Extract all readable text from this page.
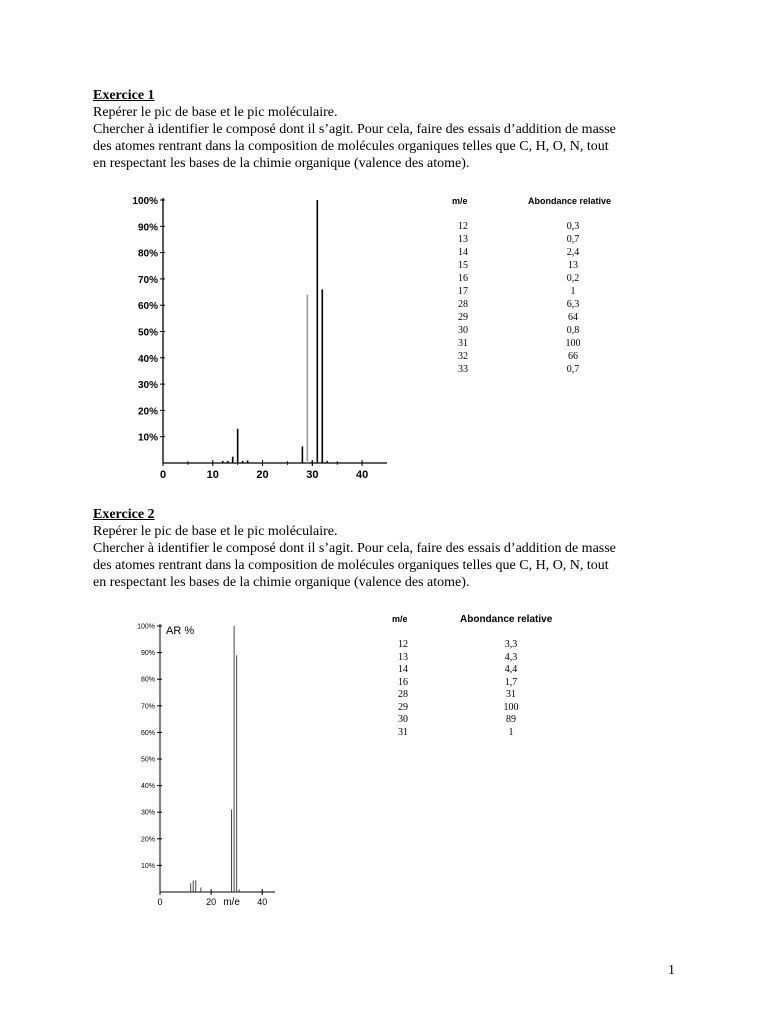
Exercice 1
Repérer le pic de base et le pic moléculaire.
Chercher à identifier le composé dont il s’agit. Pour cela, faire des essais d’addition de masse
des atomes rentrant dans la composition de molécules organiques telles que C, H, O, N, tout
en respectant les bases de la chimie organique (valence des atome).
10%
20%
30%
40%
50%
60%
70%
80%
90%
100%
0	10	20	30	40
m/e	Abondance relative
12	0,3
13	0,7
14	2,4
15	13
16	0,2
17	1
28	6,3
29	64
30	0,8
31	100
32	66
33	0,7
Exercice 2
Repérer le pic de base et le pic moléculaire.
Chercher à identifier le composé dont il s’agit. Pour cela, faire des essais d’addition de masse
des atomes rentrant dans la composition de molécules organiques telles que C, H, O, N, tout
en respectant les bases de la chimie organique (valence des atome).
10%
20%
30%
40%
50%
60%
70%
80%
90%
100%
0	20	40
AR %
m/e
m/e	Abondance relative
12	3,3
13	4,3
14	4,4
16	1,7
28	31
29	100
30	89
31	1
1
